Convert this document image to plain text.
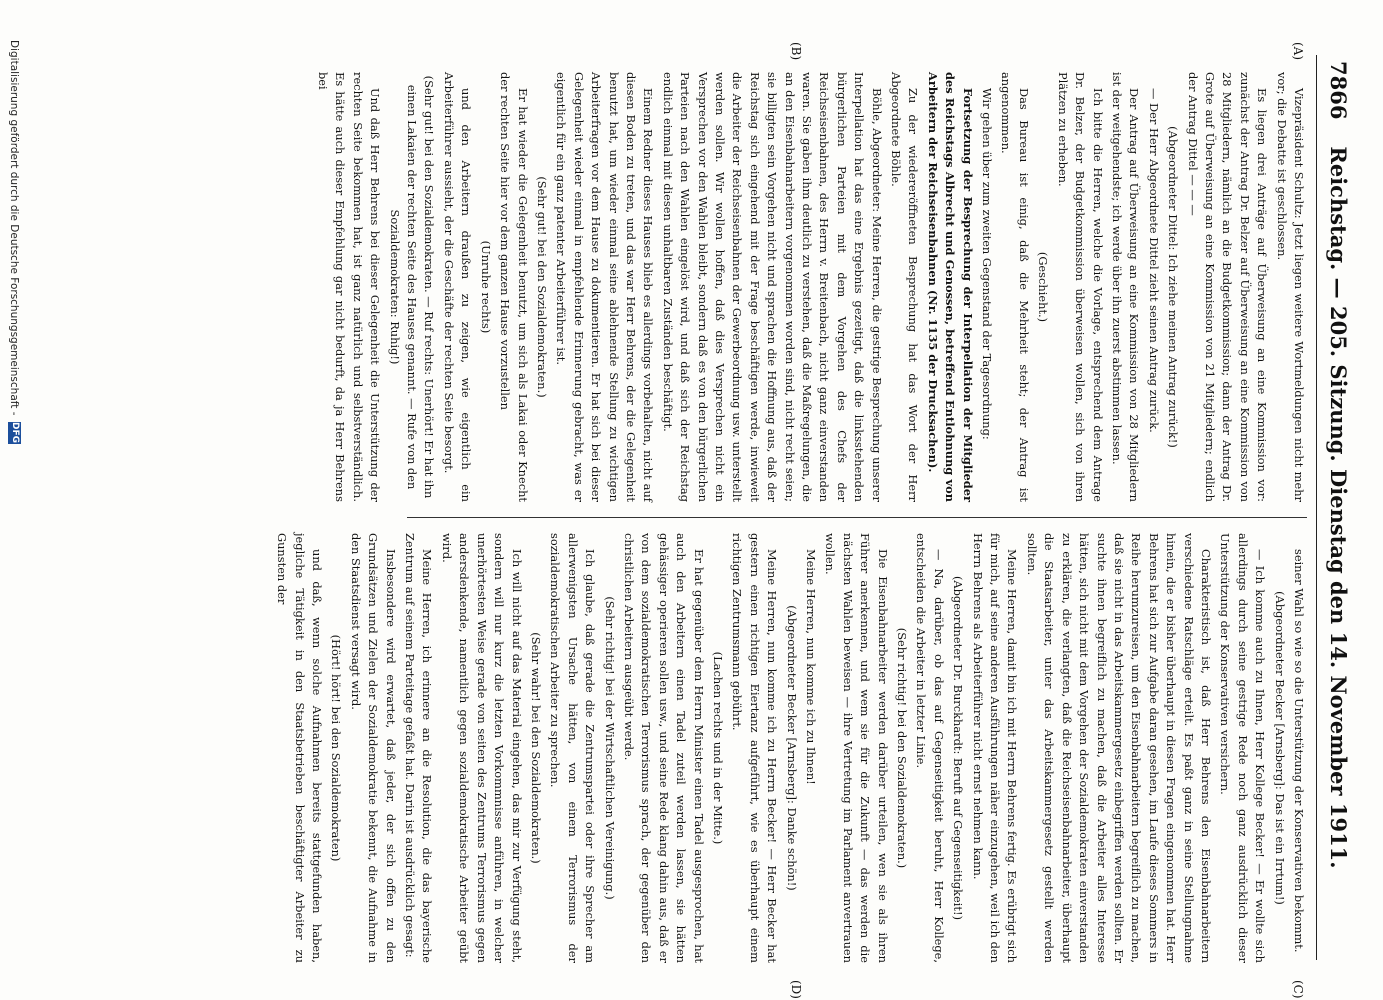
7866
Reichstag. — 205. Sitzung. Dienstag den 14. November 1911.
(A)
(B)
(C)
(D)

Vizepräsident Schultz: Jetzt liegen weitere Wortmeldungen nicht mehr vor; die Debatte ist geschlossen.

Es liegen drei Anträge auf Überweisung an eine Kommission vor: zunächst der Antrag Dr. Belzer auf Überweisung an eine Kommission von 28 Mitgliedern, nämlich an die Budgetkommission; dann der Antrag Dr. Grote auf Überweisung an eine Kommission von 21 Mitgliedern; endlich der Antrag Dittel — — —

(Abgeordneter Dittel: Ich ziehe meinen Antrag zurück!)

— Der Herr Abgeordnete Dittel zieht seinen Antrag zurück.

Der Antrag auf Überweisung an eine Kommission von 28 Mitgliedern ist der weitgehendste; ich werde über ihn zuerst abstimmen lassen.

Ich bitte die Herren, welche die Vorlage, entsprechend dem Antrage Dr. Belzer, der Budgetkommission überweisen wollen, sich von ihren Plätzen zu erheben.

(Geschieht.)

Das Bureau ist einig, daß die Mehrheit steht; der Antrag ist angenommen.

Wir gehen über zum zweiten Gegenstand der Tagesordnung:

Fortsetzung der Besprechung der Interpellation der Mitglieder des Reichstags Albrecht und Genossen, betreffend Entlohnung von Arbeitern der Reichseisenbahnen (Nr. 1135 der Drucksachen).

Zu der wiedereröffneten Besprechung hat das Wort der Herr Abgeordnete Böhle.

Böhle, Abgeordneter: Meine Herren, die gestrige Besprechung unserer Interpellation hat das eine Ergebnis gezeitigt, daß die linksstehenden bürgerlichen Parteien mit dem Vorgehen des Chefs der Reichseisenbahnen, des Herrn v. Breitenbach, nicht ganz einverstanden waren. Sie gaben ihm deutlich zu verstehen, daß die Maßregelungen, die an den Eisenbahnarbeitern vorgenommen worden sind, nicht recht seien; sie billigten sein Vorgehen nicht und sprachen die Hoffnung aus, daß der Reichstag sich eingehend mit der Frage beschäftigen werde, inwieweit die Arbeiter der Reichseisenbahnen der Gewerbeordnung usw. unterstellt werden sollen. Wir wollen hoffen, daß dies Versprechen nicht ein Versprechen vor den Wahlen bleibt, sondern daß es von den bürgerlichen Parteien nach den Wahlen eingelöst wird, und daß sich der Reichstag endlich einmal mit diesen unhaltbaren Zuständen beschäftigt.

Einem Redner dieses Hauses blieb es allerdings vorbehalten, nicht auf diesen Boden zu treten, und das war Herr Behrens, der die Gelegenheit benutzt hat, um wieder einmal seine ablehnende Stellung zu wichtigen Arbeiterfragen vor dem Hause zu dokumentieren. Er hat sich bei dieser Gelegenheit wieder einmal in empfehlende Erinnerung gebracht, was er eigentlich für ein ganz patenter Arbeiterführer ist.

(Sehr gut! bei den Sozialdemokraten.)

Er hat wieder die Gelegenheit benutzt, um sich als Lakai oder Knecht der rechten Seite hier vor dem ganzen Hause vorzustellen

(Unruhe rechts)

und den Arbeitern draußen zu zeigen, wie eigentlich ein Arbeiterführer aussieht, der die Geschäfte der rechten Seite besorgt.

(Sehr gut! bei den Sozialdemokraten. — Ruf rechts: Unerhört! Er hat ihn einen Lakaien der rechten Seite des Hauses genannt. — Rufe von den Sozialdemokraten: Ruhig!)

Und daß Herr Behrens bei dieser Gelegenheit die Unterstützung der rechten Seite bekommen hat, ist ganz natürlich und selbstverständlich. Es hätte auch dieser Empfehlung gar nicht bedurft, da ja Herr Behrens bei

seiner Wahl so wie so die Unterstützung der Konservativen bekommt.

(Abgeordneter Becker [Arnsberg]: Das ist ein Irrtum!)

— Ich komme auch zu Ihnen, Herr Kollege Becker! — Er wollte sich allerdings durch seine gestrige Rede noch ganz ausdrücklich dieser Unterstützung der Konservativen versichern.

Charakteristisch ist, daß Herr Behrens den Eisenbahnarbeitern verschiedene Ratschläge erteilt. Es paßt ganz in seine Stellungnahme hinein, die er bisher überhaupt in diesen Fragen eingenommen hat. Herr Behrens hat sich zur Aufgabe daran gesehen, im Laufe dieses Sommers in Reihe herumzureisen, um den Eisenbahnarbeitern begreiflich zu machen, daß sie nicht in das Arbeitskammergesetz einbegriffen werden sollten. Er suchte ihnen begreiflich zu machen, daß die Arbeiter alles Interesse hätten, sich nicht mit dem Vorgehen der Sozialdemokraten einverstanden zu erklären, die verlangten, daß die Reichseisenbahnarbeiter, überhaupt die Staatsarbeiter, unter das Arbeitskammergesetz gestellt werden sollten.

Meine Herren, damit bin ich mit Herrn Behrens fertig. Es erübrigt sich für mich, auf seine anderen Ausführungen näher einzugehen, weil ich den Herrn Behrens als Arbeiterführer nicht ernst nehmen kann.

(Abgeordneter Dr. Burckhardt: Beruft auf Gegenseitigkeit!)

— Na, darüber, ob das auf Gegenseitigkeit beruht, Herr Kollege, entscheiden die Arbeiter in letzter Linie.

(Sehr richtig! bei den Sozialdemokraten.)

Die Eisenbahnarbeiter werden darüber urteilen, wen sie als ihren Führer anerkennen, und wem sie für die Zukunft — das werden die nächsten Wahlen beweisen — ihre Vertretung im Parlament anvertrauen wollen.

Meine Herren, nun komme ich zu Ihnen!

(Abgeordneter Becker [Arnsberg]: Danke schön!)

Meine Herren, nun komme ich zu Herrn Becker! — Herr Becker hat gestern einen richtigen Eiertanz aufgeführt, wie es überhaupt einem richtigen Zentrumsmann gebührt.

(Lachen rechts und in der Mitte.)

Er hat gegenüber dem Herrn Minister einen Tadel ausgesprochen, hat auch den Arbeitern einen Tadel zuteil werden lassen, sie hätten gehässiger operieren sollen usw., und seine Rede klang dahin aus, daß er von dem sozialdemokratischen Terrorismus sprach, der gegenüber den christlichen Arbeitern ausgeübt werde.

(Sehr richtig! bei der Wirtschaftlichen Vereinigung.)

Ich glaube, daß gerade die Zentrumspartei oder ihre Sprecher am allerwenigsten Ursache hätten, von einem Terrorismus der sozialdemokratischen Arbeiter zu sprechen.

(Sehr wahr! bei den Sozialdemokraten.)

Ich will nicht auf das Material eingehen, das mir zur Verfügung steht, sondern will nur kurz die letzten Vorkommnisse anführen, in welcher unerhörtesten Weise gerade von seiten des Zentrums Terrorismus gegen andersdenkende, namentlich gegen sozialdemokratische Arbeiter geübt wird.

Meine Herren, ich erinnere an die Resolution, die das bayerische Zentrum auf seinem Parteitage gefaßt hat. Darin ist ausdrücklich gesagt:

Insbesondere wird erwartet, daß jeder, der sich offen zu den Grundsätzen und Zielen der Sozialdemokratie bekennt, die Aufnahme in den Staatsdienst versagt wird.

(Hört! hört! bei den Sozialdemokraten)

und daß, wenn solche Aufnahmen bereits stattgefunden haben, jegliche Tätigkeit in den Staatsbetrieben beschäftigter Arbeiter zu Gunsten der

Digitalisierung gefördert durch die Deutsche Forschungsgemeinschaft -
DFG
